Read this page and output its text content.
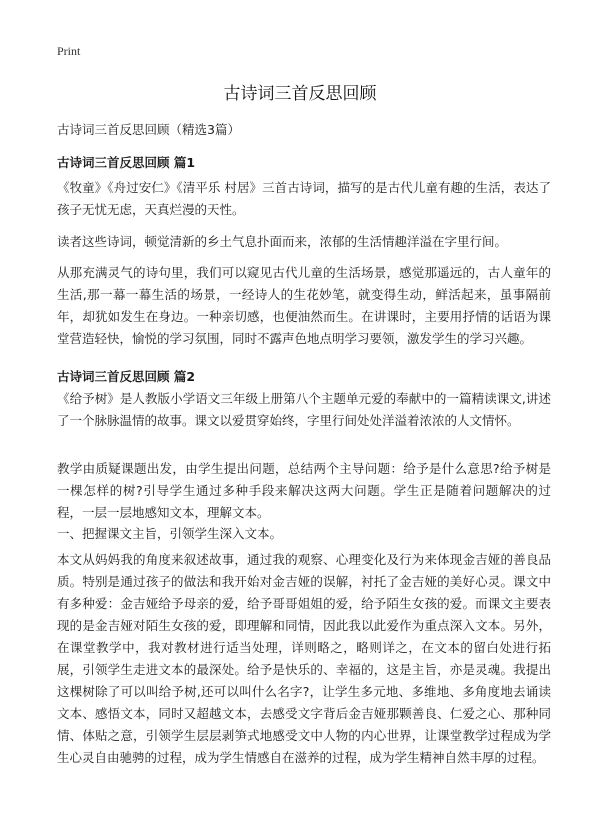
Print
古诗词三首反思回顾
古诗词三首反思回顾（精选3篇）
古诗词三首反思回顾 篇1

《牧童》《舟过安仁》《清平乐 村居》三首古诗词，描写的是古代儿童有趣的生活，表达了孩子无忧无虑，天真烂漫的天性。

读者这些诗词，顿觉清新的乡土气息扑面而来，浓郁的生活情趣洋溢在字里行间。

从那充满灵气的诗句里，我们可以窥见古代儿童的生活场景，感觉那遥远的，古人童年的生活,那一幕一幕生活的场景，一经诗人的生花妙笔，就变得生动，鲜活起来，虽事隔前年，却犹如发生在身边。一种亲切感，也便油然而生。在讲课时，主要用抒情的话语为课堂营造轻快，愉悦的学习氛围，同时不露声色地点明学习要领，激发学生的学习兴趣。

古诗词三首反思回顾 篇2

《给予树》是人教版小学语文三年级上册第八个主题单元爱的奉献中的一篇精读课文,讲述了一个脉脉温情的故事。课文以爱贯穿始终，字里行间处处洋溢着浓浓的人文情怀。

教学由质疑课题出发，由学生提出问题，总结两个主导问题：给予是什么意思?给予树是一棵怎样的树?引导学生通过多种手段来解决这两大问题。学生正是随着问题解决的过程，一层一层地感知文本，理解文本。

一、把握课文主旨，引领学生深入文本。

本文从妈妈我的角度来叙述故事，通过我的观察、心理变化及行为来体现金吉娅的善良品质。特别是通过孩子的做法和我开始对金吉娅的误解，衬托了金吉娅的美好心灵。课文中有多种爱：金吉娅给予母亲的爱，给予哥哥姐姐的爱，给予陌生女孩的爱。而课文主要表现的是金吉娅对陌生女孩的爱，即理解和同情，因此我以此爱作为重点深入文本。另外，在课堂教学中，我对教材进行适当处理，详则略之，略则详之，在文本的留白处进行拓展，引领学生走进文本的最深处。给予是快乐的、幸福的，这是主旨，亦是灵魂。我提出这棵树除了可以叫给予树,还可以叫什么名字?，让学生多元地、多维地、多角度地去诵读文本、感悟文本，同时又超越文本，去感受文字背后金吉娅那颗善良、仁爱之心、那种同情、体贴之意，引领学生层层剥笋式地感受文中人物的内心世界，让课堂教学过程成为学生心灵自由驰骋的过程，成为学生情感自在滋养的过程，成为学生精神自然丰厚的过程。
